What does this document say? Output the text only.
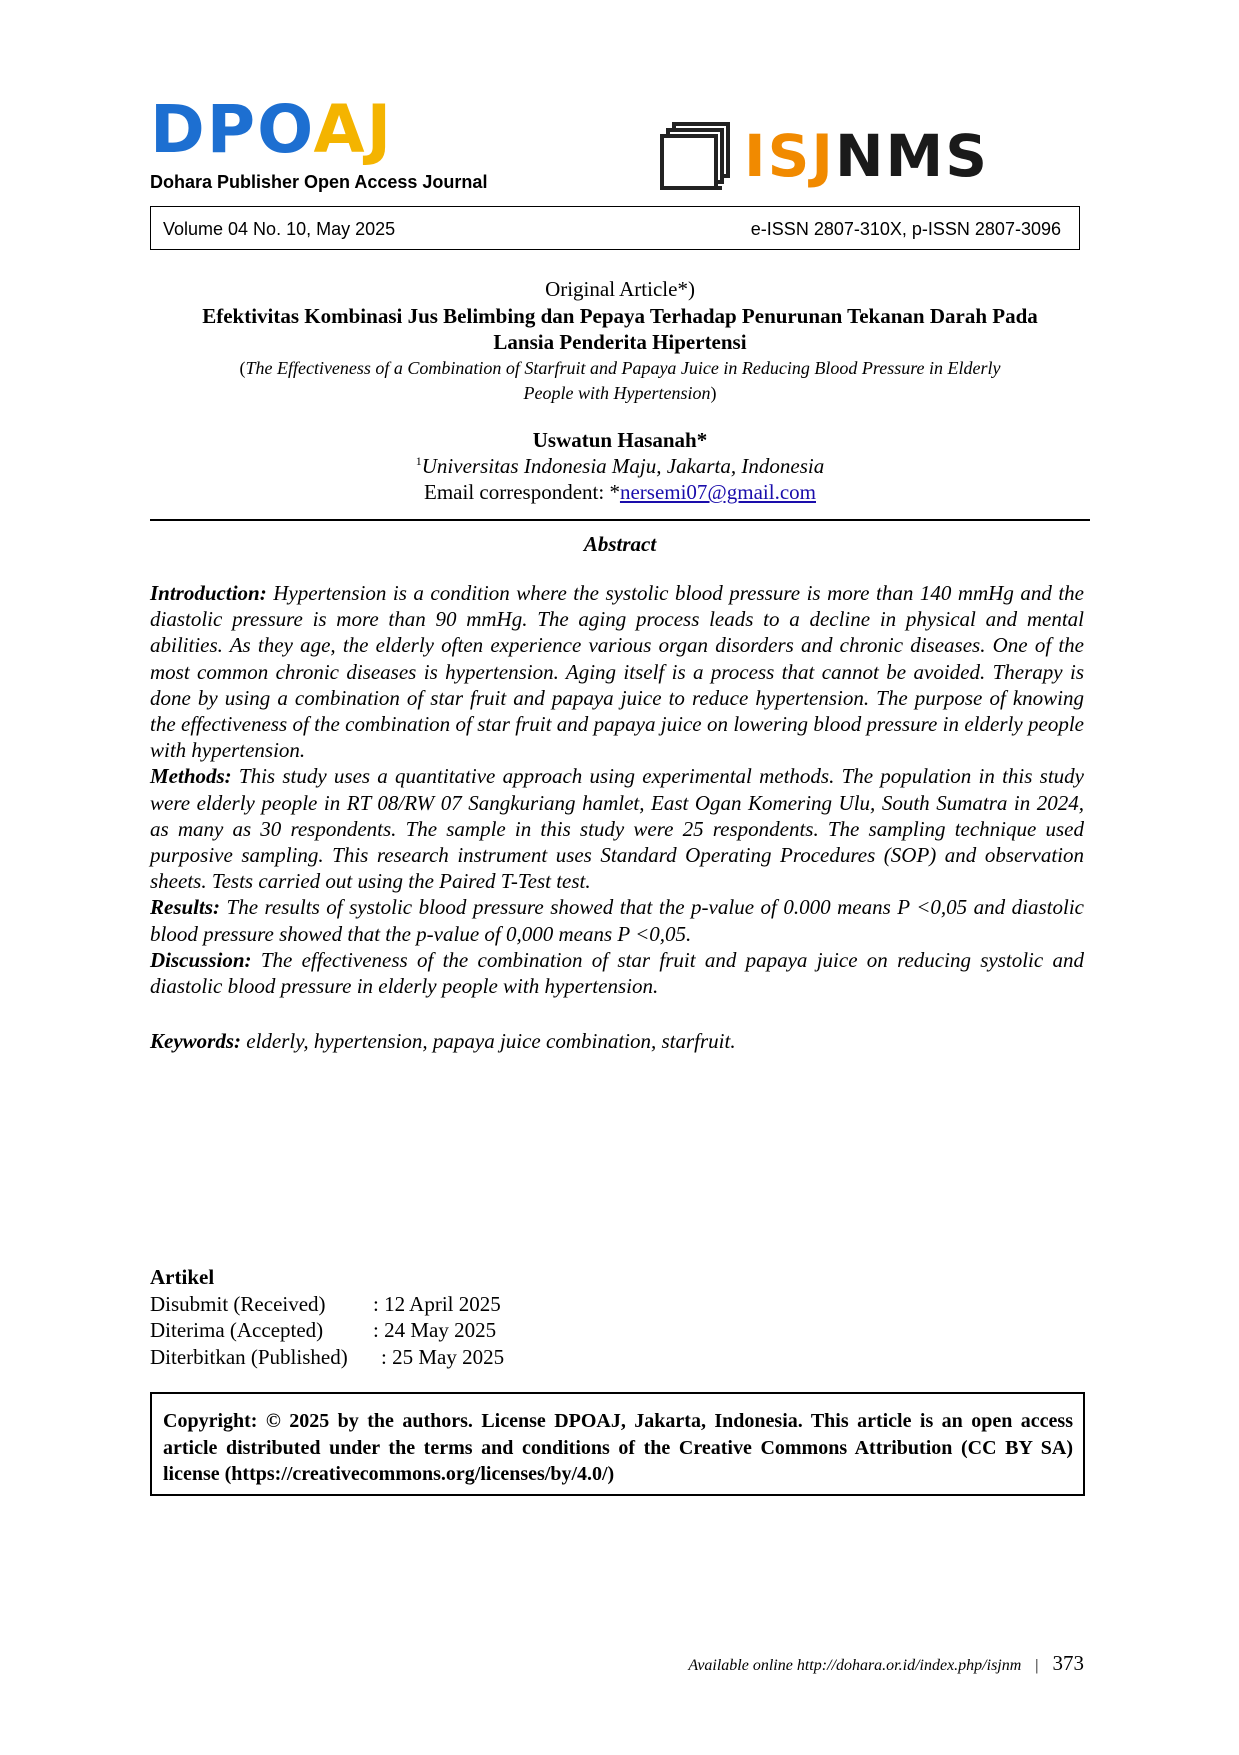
DPOAJ
Dohara Publisher Open Access Journal	ISJNMS
Volume 04 No. 10, May 2025	e-ISSN 2807-310X, p-ISSN 2807-3096
Original Article*)
Efektivitas Kombinasi Jus Belimbing dan Pepaya Terhadap Penurunan Tekanan Darah Pada
Lansia Penderita Hipertensi
(The Effectiveness of a Combination of Starfruit and Papaya Juice in Reducing Blood Pressure in Elderly
People with Hypertension)
Uswatun Hasanah*
$^1$Universitas Indonesia Maju, Jakarta, Indonesia
Email correspondent: *nersemi07@gmail.com
Abstract

Introduction: Hypertension is a condition where the systolic blood pressure is more than 140 mmHg and the diastolic pressure is more than 90 mmHg. The aging process leads to a decline in physical and mental abilities. As they age, the elderly often experience various organ disorders and chronic diseases. One of the most common chronic diseases is hypertension. Aging itself is a process that cannot be avoided. Therapy is done by using a combination of star fruit and papaya juice to reduce hypertension. The purpose of knowing the effectiveness of the combination of star fruit and papaya juice on lowering blood pressure in elderly people with hypertension.

Methods: This study uses a quantitative approach using experimental methods. The population in this study were elderly people in RT 08/RW 07 Sangkuriang hamlet, East Ogan Komering Ulu, South Sumatra in 2024, as many as 30 respondents. The sample in this study were 25 respondents. The sampling technique used purposive sampling. This research instrument uses Standard Operating Procedures (SOP) and observation sheets. Tests carried out using the Paired T-Test test.

Results: The results of systolic blood pressure showed that the p-value of 0.000 means P <0,05 and diastolic blood pressure showed that the p-value of 0,000 means P <0,05.

Discussion: The effectiveness of the combination of star fruit and papaya juice on reducing systolic and diastolic blood pressure in elderly people with hypertension.

Keywords: elderly, hypertension, papaya juice combination, starfruit.
Artikel
Disubmit (Received) : 12 April 2025
Diterima (Accepted) : 24 May 2025
Diterbitkan (Published) : 25 May 2025
Copyright: © 2025 by the authors. License DPOAJ, Jakarta, Indonesia. This article is an open access article distributed under the terms and conditions of the Creative Commons Attribution (CC BY SA) license (https://creativecommons.org/licenses/by/4.0/)
Available online http://dohara.or.id/index.php/isjnm | 373
